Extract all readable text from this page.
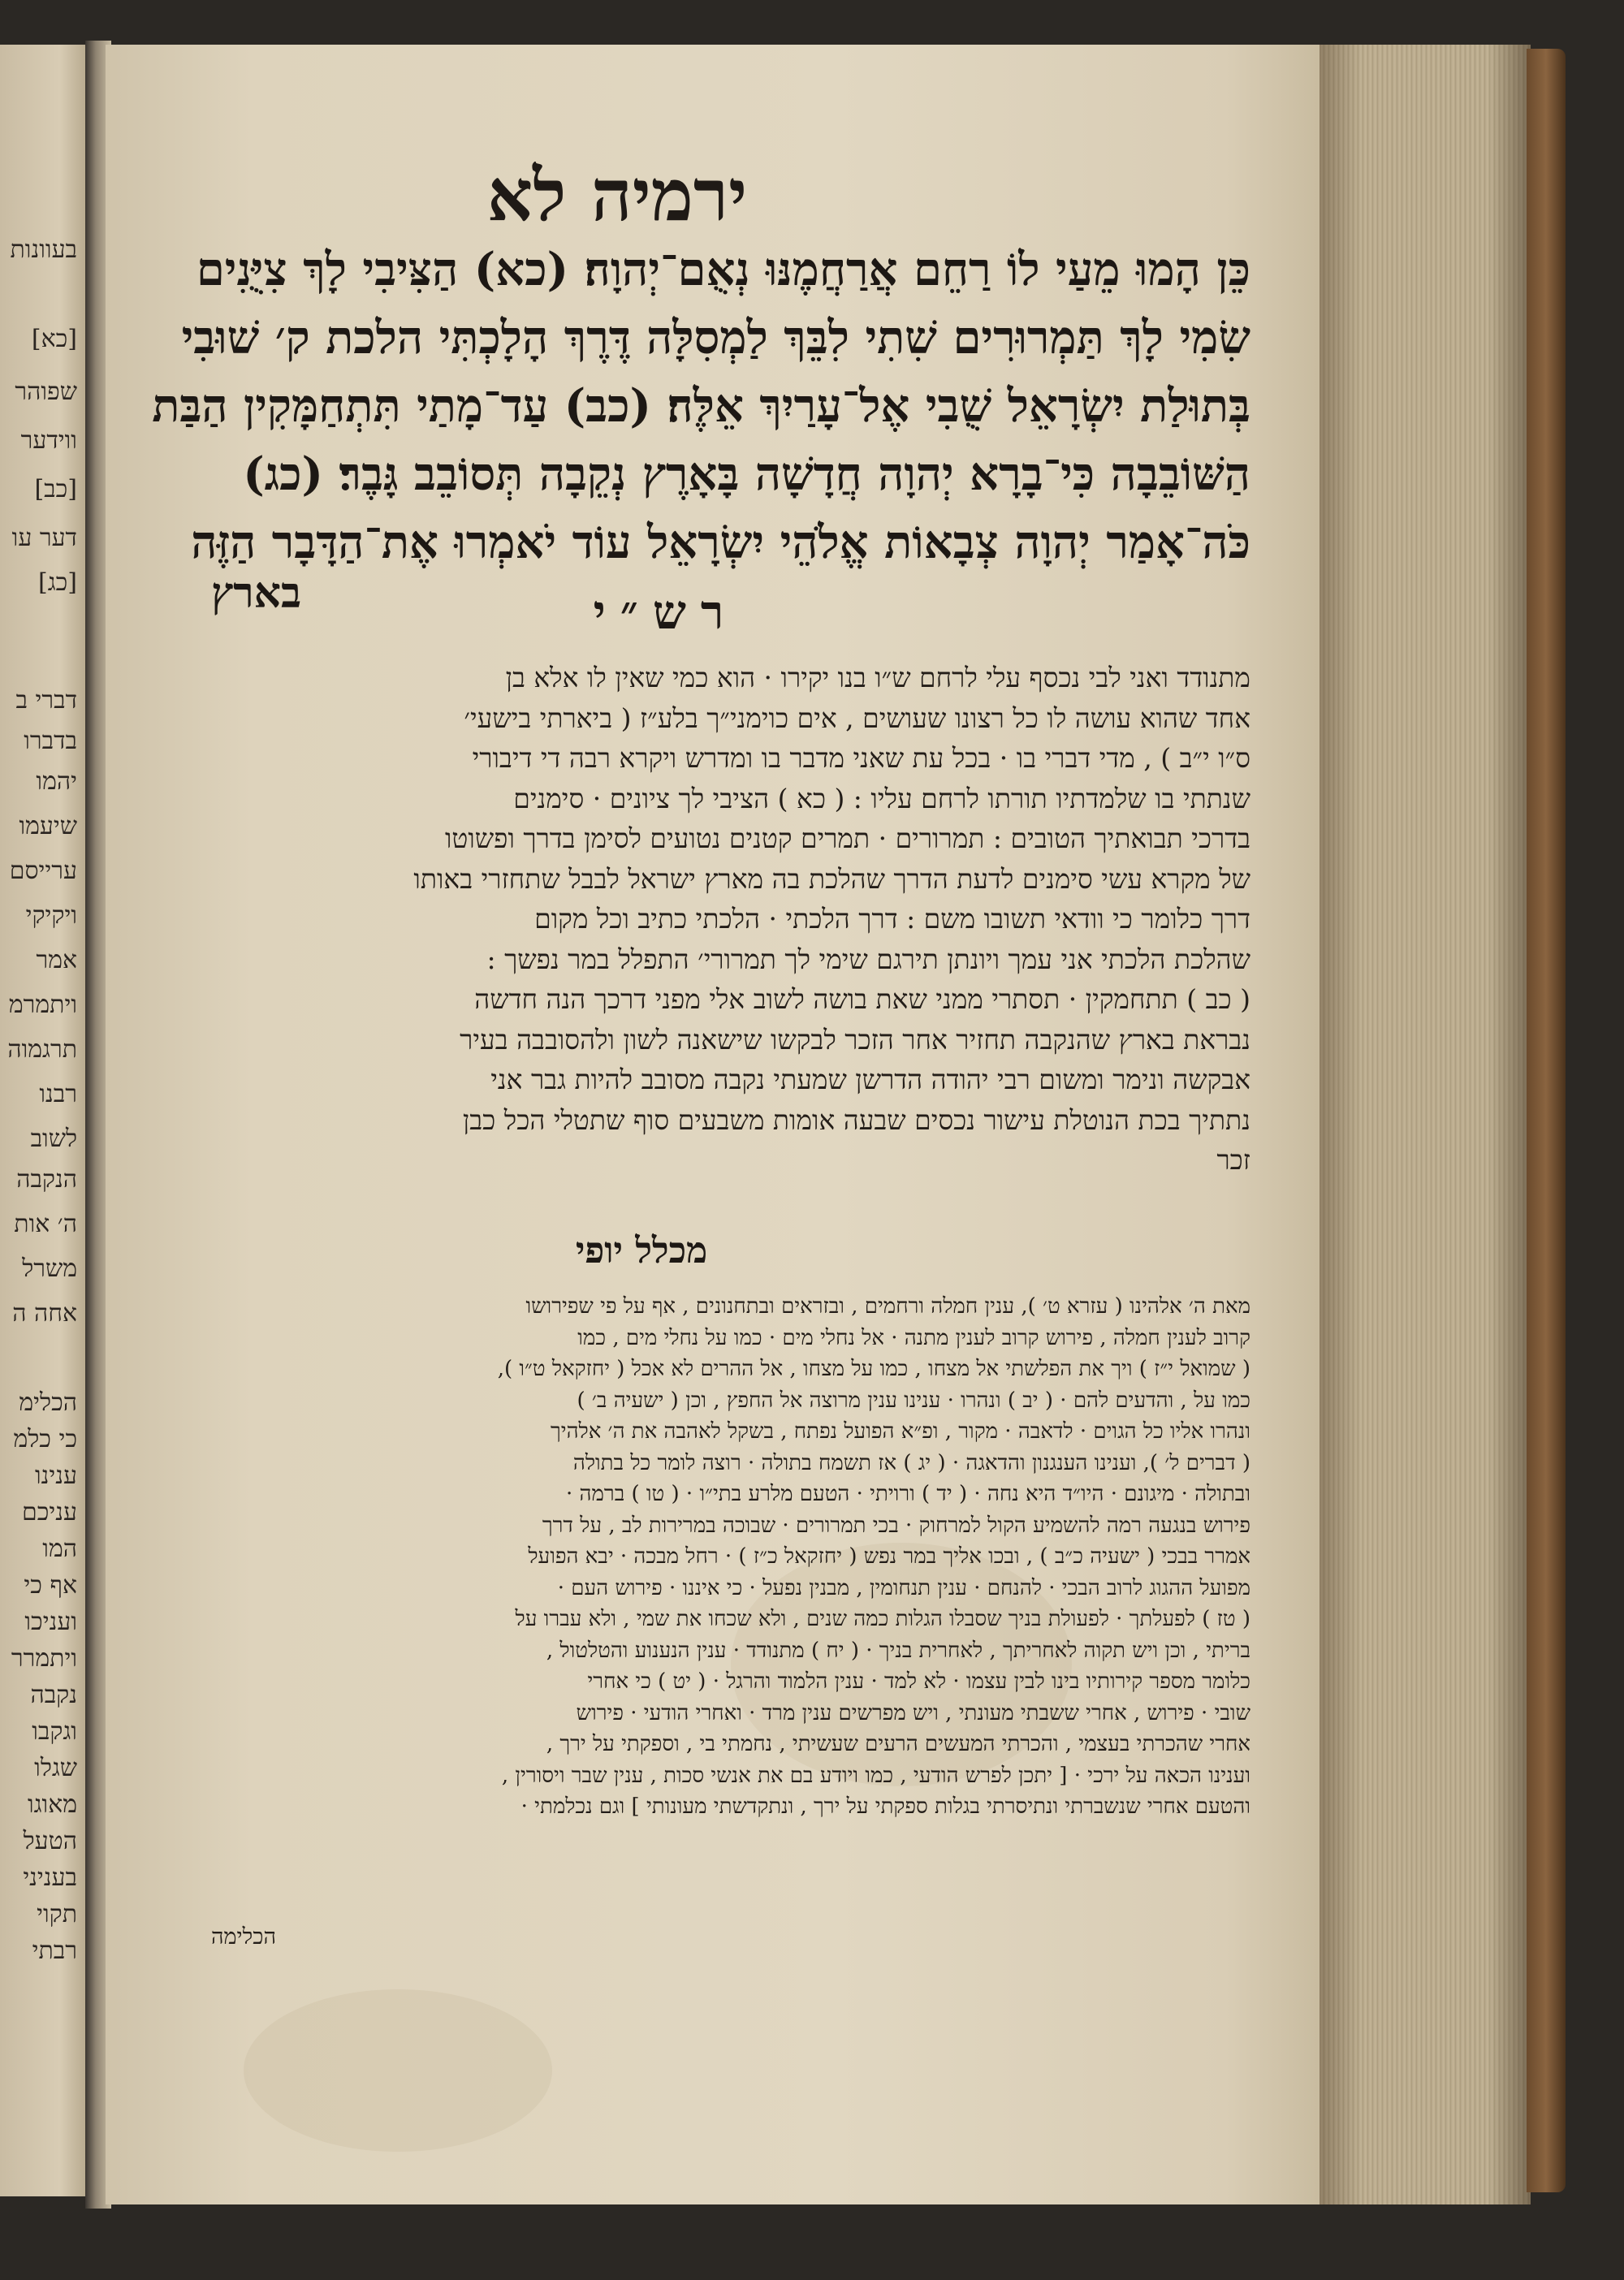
בעוונות
[כא]
שפוהר
ווידער
[כב]
דער עו
[כג]
דברי ב
בדברו
יהמו
שיעמו
ערייסם
ויקיקי
אמר
ויתמרמ
תרגמוה
רבנו
לשוב
הנקבה
ה׳ אות
משרל
אחה ה
הכלימ
כי כלמ
ענינו
עניכם
המו
אף כי
ועניכו
ויתמרר
נקבה
וגקבו
שגלו
מאוגו
הטעל
בעניני
תקוי
רבתי
ירמיה לא
כֵּן הָמוּ מֵעַי לוֹ רַחֵם אֲרַחֲמֶנּוּ נְאֻם־יְהוָה׃ (כא) הַצִּיבִי לָךְ צִיֻּנִים
שִׂמִי לָךְ תַּמְרוּרִים שִׁתִי לִבֵּךְ לַמְסִלָּה דֶּרֶךְ הָלָכְתִּי הלכת ק׳ שׁוּבִי
בְּתוּלַת יִשְׂרָאֵל שֻׁבִי אֶל־עָרַיִךְ אֵלֶּה׃ (כב) עַד־מָתַי תִּתְחַמָּקִין הַבַּת
הַשּׁוֹבֵבָה כִּי־בָרָא יְהוָה חֲדָשָׁה בָּאָרֶץ נְקֵבָה תְּסוֹבֵב גָּבֶר׃ (כג)
כֹּה־אָמַר יְהוָה צְבָאוֹת אֱלֹהֵי יִשְׂרָאֵל עוֹד יֹאמְרוּ אֶת־הַדָּבָר הַזֶּה
בארץ	רש״י
מתנודד ואני לבי נכסף עלי לרחם ש״ו בנו יקירו · הוא כמי שאין לו אלא בן
אחד שהוא עושה לו כל רצונו שעושים , אים כוימני״ך בלע״ז ( ביארתי בישעי׳
ס״ו י״ב ) , מדי דברי בו · בכל עת שאני מדבר בו ומדרש ויקרא רבה די דיבורי
שנתתי בו שלמדתיו תורתו לרחם עליו : ( כא ) הציבי לך ציונים · סימנים
בדרכי תבואתיך הטובים : תמרורים · תמרים קטנים נטועים לסימן בדרך ופשוטו
של מקרא עשי סימנים לדעת הדרך שהלכת בה מארץ ישראל לבבל שתחזרי באותו
דרך כלומר כי וודאי תשובו משם : דרך הלכתי · הלכתי כתיב וכל מקום
שהלכת הלכתי אני עמך ויונתן תירגם שימי לך תמרורי׳ התפלל במר נפשך :
( כב ) תתחמקין · תסתרי ממני שאת בושה לשוב אלי מפני דרכך הנה חדשה
נבראת בארץ שהנקבה תחזיר אחר הזכר לבקשו שישאנה לשון ולהסובבה בעיר
אבקשה ונימר ומשום רבי יהודה הדרשן שמעתי נקבה מסובב להיות גבר אני
נתתיך בכת הנוטלת עישור נכסים שבעה אומות משבעים סוף שתטלי הכל כבן
זכר
מכלל יופי
מאת ה׳ אלהינו ( עזרא ט׳ ), ענין חמלה ורחמים , ובזראים ובתחנונים , אף על פי שפירושו
קרוב לענין חמלה , פירוש קרוב לענין מתנה · אל נחלי מים · כמו על נחלי מים , כמו
( שמואל י״ז ) ויך את הפלשתי אל מצחו , כמו על מצחו , אל ההרים לא אכל ( יחזקאל ט״ו ),
כמו על , והדעים להם · ( יב ) ונהרו · ענינו ענין מרוצה אל החפץ , וכן ( ישעיה ב׳ )
ונהרו אליו כל הגוים · לדאבה · מקור , ופ״א הפועל נפתח , בשקל לאהבה את ה׳ אלהיך
( דברים ל׳ ), וענינו הענגנון והדאגה · ( יג ) אז תשמח בתולה · רוצה לומר כל בתולה
ובתולה · מיגונם · היו״ד היא נחה · ( יד ) ורויתי · הטעם מלרע בתי״ו · ( טו ) ברמה ·
פירוש בנגעה רמה להשמיע הקול למרחוק · בכי תמרורים · שבוכה במרירות לב , על דרך
אמרר בבכי ( ישעיה כ״ב ) , ובכו אליך במר נפש ( יחזקאל כ״ז ) · רחל מבכה · יבא הפועל
מפועל ההגוג לרוב הבכי · להנחם · ענין תנחומין , מבנין נפעל · כי איננו · פירוש העם ·
( טז ) לפעלתך · לפעולת בניך שסבלו הגלות כמה שנים , ולא שכחו את שמי , ולא עברו על
בריתי , וכן ויש תקוה לאחריתך , לאחרית בניך · ( יח ) מתנודד · ענין הנענוע והטלטול ,
כלומר מספר קירותיו בינו לבין עצמו · לא למד · ענין הלמוד והרגל · ( יט ) כי אחרי
שובי · פירוש , אחרי ששבתי מעונתי , ויש מפרשים ענין מרד · ואחרי הודעי · פירוש
אחרי שהכרתי בעצמי , והכרתי המעשים הרעים שעשיתי , נחמתי בי , וספקתי על ירך ,
וענינו הכאה על ירכי · [ יתכן לפרש הודעי , כמו ויודע בם את אנשי סכות , ענין שבר ויסורין ,
והטעם אחרי שנשברתי ונתיסרתי בגלות ספקתי על ירך , ונתקדשתי מעונותי ] וגם נכלמתי ·
הכלימה
